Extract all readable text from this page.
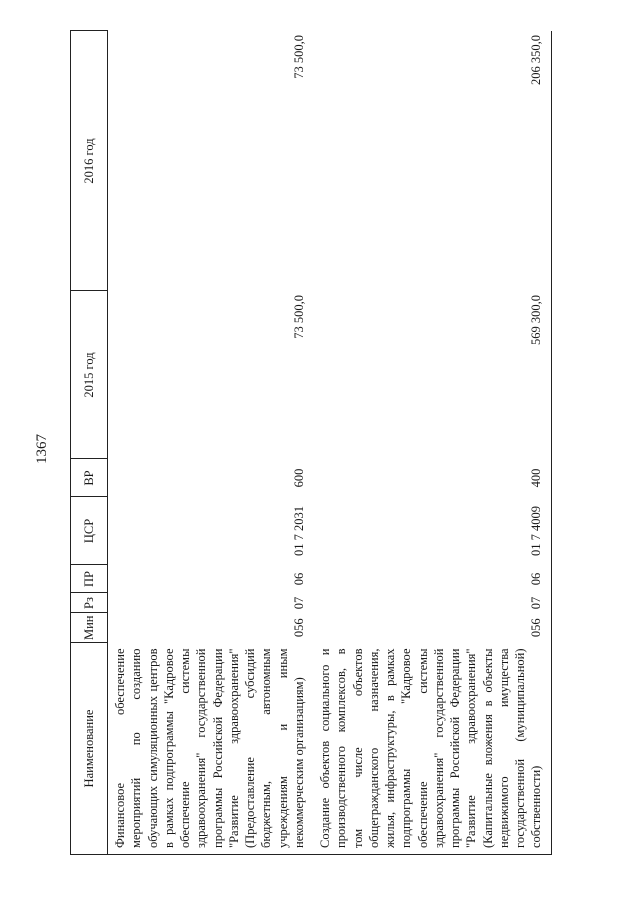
1367
Наименование	Мин	Рз	ПР	ЦСР	ВР	2015 год	2016 год
Финансовое обеспечение мероприятий по созданию обучающих симуляционных центров в рамках подпрограммы "Кадровое обеспечение системы здравоохранения" государственной программы Российской Федерации "Развитие здравоохранения" (Предоставление субсидий бюджетным, автономным учреждениям и иным некоммерческим организациям)	056	07	06	01 7 2031	600	73 500,0	73 500,0
Создание объектов социального и производственного комплексов, в том числе объектов общегражданского назначения, жилья, инфраструктуры, в рамках подпрограммы "Кадровое обеспечение системы здравоохранения" государственной программы Российской Федерации "Развитие здравоохранения" (Капитальные вложения в объекты недвижимого имущества государственной (муниципальной) собственности)	056	07	06	01 7 4009	400	569 300,0	206 350,0
